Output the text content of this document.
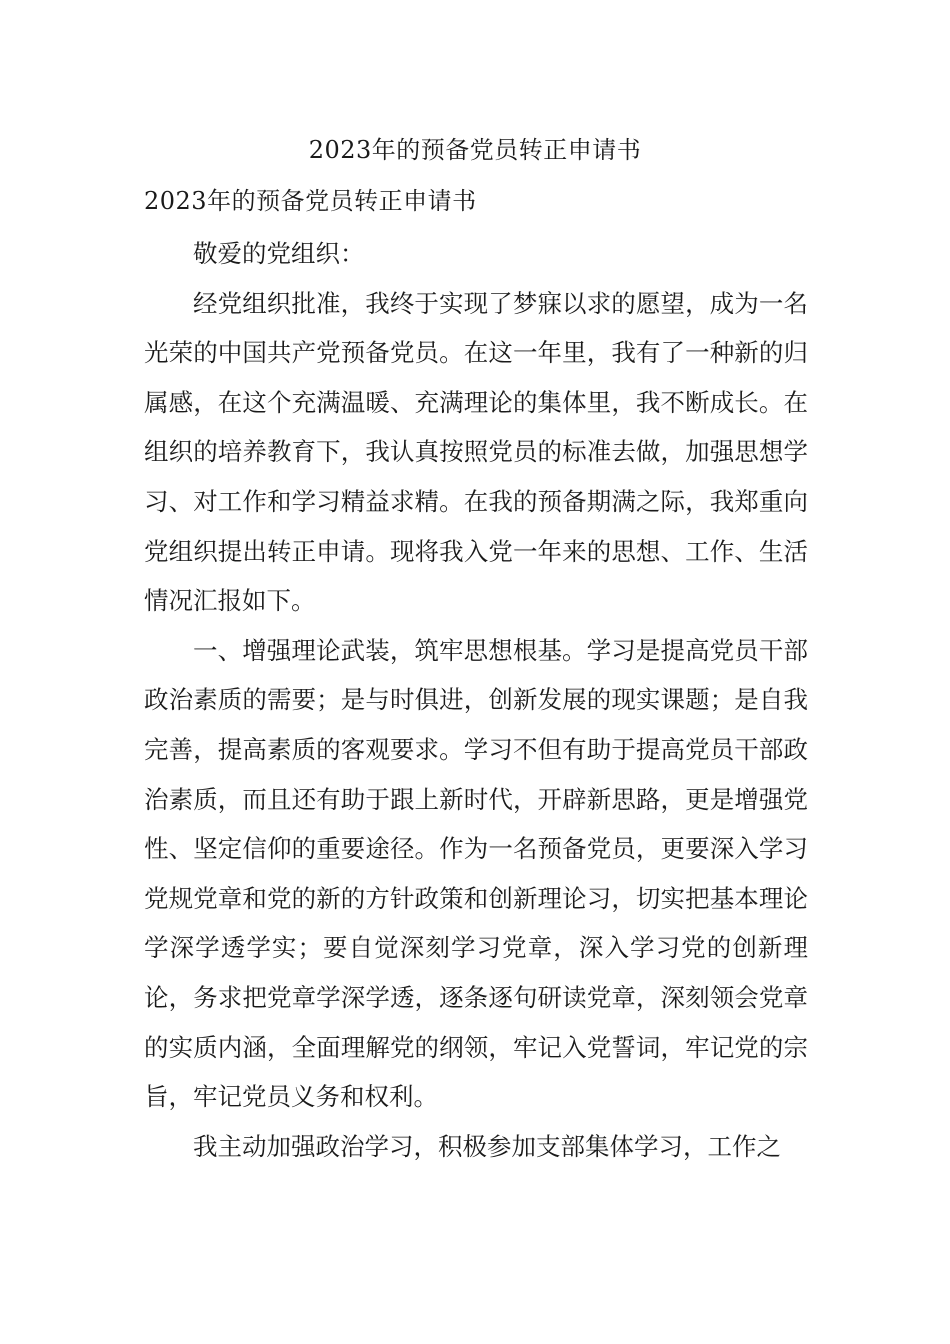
2023年的预备党员转正申请书
2023年的预备党员转正申请书

敬爱的党组织：

经党组织批准，我终于实现了梦寐以求的愿望，成为一名光荣的中国共产党预备党员。在这一年里，我有了一种新的归属感，在这个充满温暖、充满理论的集体里，我不断成长。在组织的培养教育下，我认真按照党员的标准去做，加强思想学习、对工作和学习精益求精。在我的预备期满之际，我郑重向党组织提出转正申请。现将我入党一年来的思想、工作、生活情况汇报如下。

一、增强理论武装，筑牢思想根基。学习是提高党员干部政治素质的需要；是与时俱进，创新发展的现实课题；是自我完善，提高素质的客观要求。学习不但有助于提高党员干部政治素质，而且还有助于跟上新时代，开辟新思路，更是增强党性、坚定信仰的重要途径。作为一名预备党员，更要深入学习党规党章和党的新的方针政策和创新理论习，切实把基本理论学深学透学实；要自觉深刻学习党章，深入学习党的创新理论，务求把党章学深学透，逐条逐句研读党章，深刻领会党章的实质内涵，全面理解党的纲领，牢记入党誓词，牢记党的宗旨，牢记党员义务和权利。

我主动加强政治学习，积极参加支部集体学习，工作之
